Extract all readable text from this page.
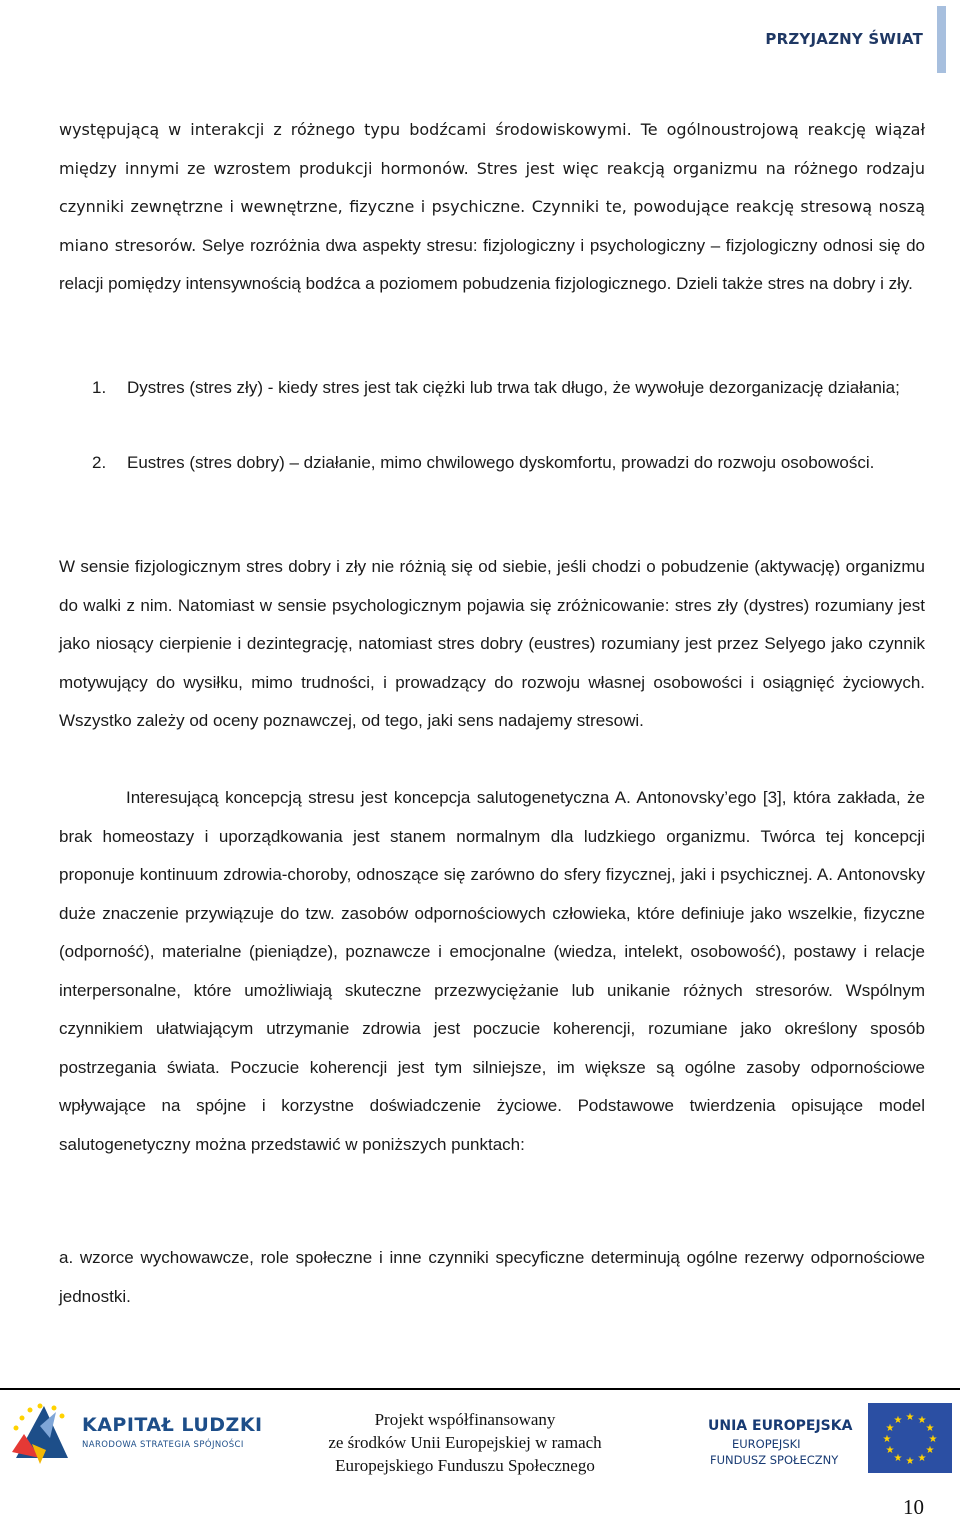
PRZYJAZNY ŚWIAT

występującą w interakcji z różnego typu bodźcami środowiskowymi. Te ogólnoustrojową reakcję wiązał między innymi ze wzrostem produkcji hormonów. Stres jest więc reakcją organizmu na różnego rodzaju czynniki zewnętrzne i wewnętrzne, fizyczne i psychiczne. Czynniki te, powodujące reakcję stresową noszą miano stresorów. Selye rozróżnia dwa aspekty stresu: fizjologiczny i psychologiczny – fizjologiczny odnosi się do relacji pomiędzy intensywnością bodźca a poziomem pobudzenia fizjologicznego. Dzieli także stres na dobry i zły.

1. Dystres (stres zły) - kiedy stres jest tak ciężki lub trwa tak długo, że wywołuje dezorganizację działania;
2. Eustres (stres dobry) – działanie, mimo chwilowego dyskomfortu, prowadzi do rozwoju osobowości.

W sensie fizjologicznym stres dobry i zły nie różnią się od siebie, jeśli chodzi o pobudzenie (aktywację) organizmu do walki z nim. Natomiast w sensie psychologicznym pojawia się zróżnicowanie: stres zły (dystres) rozumiany jest jako niosący cierpienie i dezintegrację, natomiast stres dobry (eustres) rozumiany jest przez Selyego jako czynnik motywujący do wysiłku, mimo trudności, i prowadzący do rozwoju własnej osobowości i osiągnięć życiowych. Wszystko zależy od oceny poznawczej, od tego, jaki sens nadajemy stresowi.

Interesującą koncepcją stresu jest koncepcja salutogenetyczna A. Antonovsky’ego [3], która zakłada, że brak homeostazy i uporządkowania jest stanem normalnym dla ludzkiego organizmu. Twórca tej koncepcji proponuje kontinuum zdrowia-choroby, odnoszące się zarówno do sfery fizycznej, jaki i psychicznej. A. Antonovsky duże znaczenie przywiązuje do tzw. zasobów odpornościowych człowieka, które definiuje jako wszelkie, fizyczne (odporność), materialne (pieniądze), poznawcze i emocjonalne (wiedza, intelekt, osobowość), postawy i relacje interpersonalne, które umożliwiają skuteczne przezwyciężanie lub unikanie różnych stresorów. Wspólnym czynnikiem ułatwiającym utrzymanie zdrowia jest poczucie koherencji, rozumiane jako określony sposób postrzegania świata. Poczucie koherencji jest tym silniejsze, im większe są ogólne zasoby odpornościowe wpływające na spójne i korzystne doświadczenie życiowe. Podstawowe twierdzenia opisujące model salutogenetyczny można przedstawić w poniższych punktach:

a. wzorce wychowawcze, role społeczne i inne czynniki specyficzne determinują ogólne rezerwy odpornościowe jednostki.

KAPITAŁ LUDZKI
NARODOWA STRATEGIA SPÓJNOŚCI
Projekt współfinansowany
ze środków Unii Europejskiej w ramach
Europejskiego Funduszu Społecznego
UNIA EUROPEJSKA
EUROPEJSKI
FUNDUSZ SPOŁECZNY
★ ★
★
★
★
★
★
★
★
★
★
★
10
